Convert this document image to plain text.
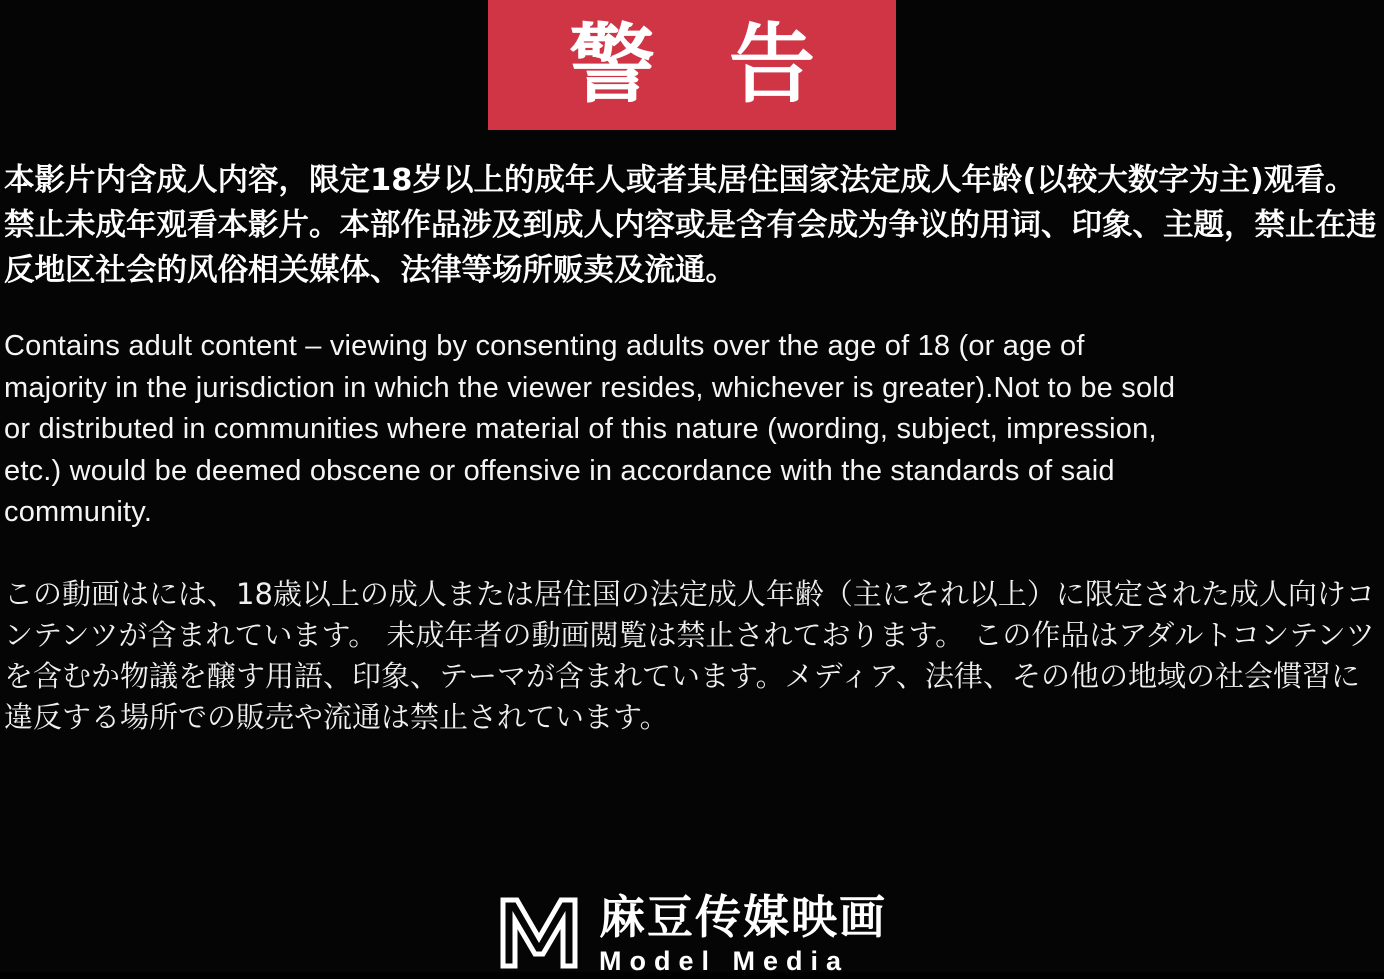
警 告

本影片内含成人内容，限定18岁以上的成年人或者其居住国家法定成人年龄(以较大数字为主)观看。禁止未成年观看本影片。本部作品涉及到成人内容或是含有会成为争议的用词、印象、主题，禁止在违反地区社会的风俗相关媒体、法律等场所贩卖及流通。

Contains adult content – viewing by consenting adults over the age of 18 (or age of

majority in the jurisdiction in which the viewer resides, whichever is greater).Not to be sold

or distributed in communities where material of this nature (wording, subject, impression,

etc.) would be deemed obscene or offensive in accordance with the standards of said

community.

この動画はには、18歳以上の成人または居住国の法定成人年齢（主にそれ以上）に限定された成人向けコンテンツが含まれています。 未成年者の動画閲覧は禁止されております。 この作品はアダルトコンテンツを含むか物議を醸す用語、印象、テーマが含まれています。メディア、法律、その他の地域の社会慣習に違反する場所での販売や流通は禁止されています。

麻豆传媒映画
Model Media
